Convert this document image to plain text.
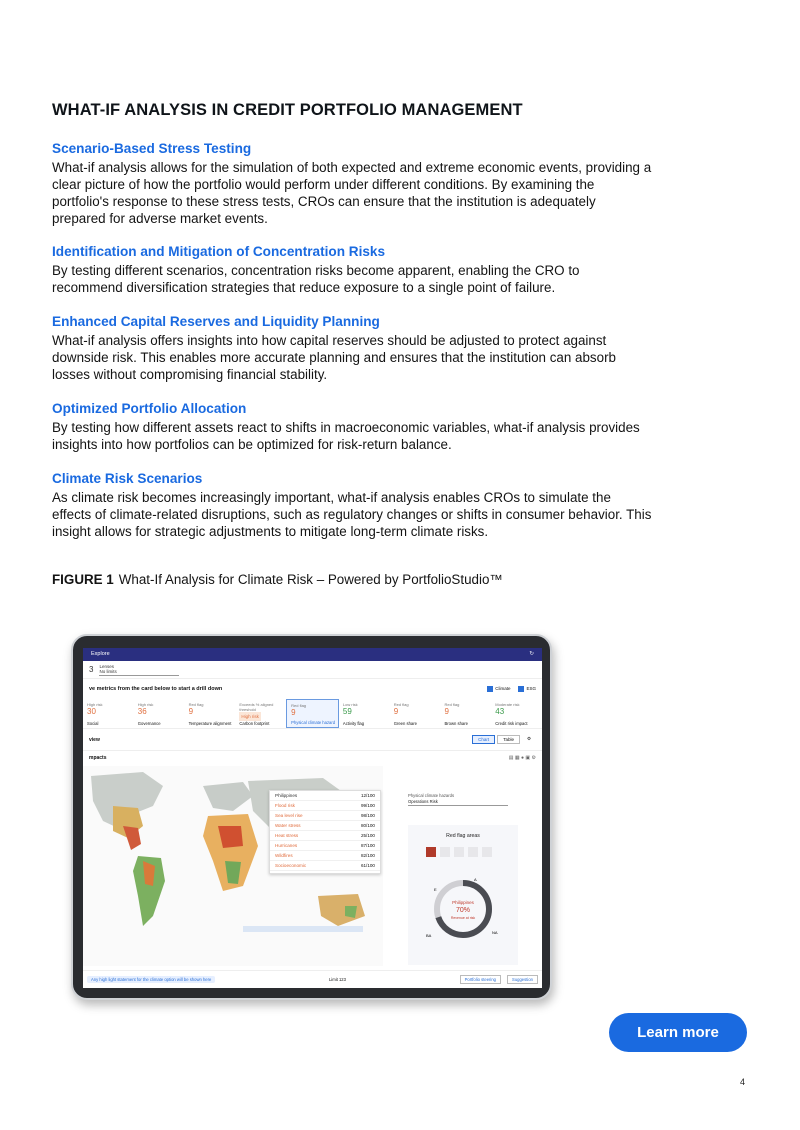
WHAT-IF ANALYSIS IN CREDIT PORTFOLIO MANAGEMENT
Scenario-Based Stress Testing

What-if analysis allows for the simulation of both expected and extreme economic events, providing a clear picture of how the portfolio would perform under different conditions. By examining the portfolio's response to these stress tests, CROs can ensure that the institution is adequately prepared for adverse market events.

Identification and Mitigation of Concentration Risks

By testing different scenarios, concentration risks become apparent, enabling the CRO to recommend diversification strategies that reduce exposure to a single point of failure.

Enhanced Capital Reserves and Liquidity Planning

What-if analysis offers insights into how capital reserves should be adjusted to protect against downside risk. This enables more accurate planning and ensures that the institution can absorb losses without compromising financial stability.

Optimized Portfolio Allocation

By testing how different assets react to shifts in macroeconomic variables, what-if analysis provides insights into how portfolios can be optimized for risk-return balance.

Climate Risk Scenarios

As climate risk becomes increasingly important, what-if analysis enables CROs to simulate the effects of climate-related disruptions, such as regulatory changes or shifts in consumer behavior. This insight allows for strategic adjustments to mitigate long-term climate risks.

FIGURE 1 What-If Analysis for Climate Risk – Powered by PortfolioStudio™
Explore	↻
3 Lenses
No limits
ve metrics from the card below to start a drill down	Climate	ESG
High risk
30
Social
High risk
36
Governance
Red flag
9
Temperature alignment
Exceeds % aligned threshold
High risk
Carbon footprint
Red flag
9
Physical climate hazard
Low risk
59
Activity flag
Red flag
9
Green share
Red flag
9
Brown share
Moderate risk
43
Credit risk impact
view	Chart	Table	⚙
mpacts	▤ ▦ ● ▣ ⚙
Philippines	12/100
Flood risk	99/100
Sea level rise	98/100
Water stress	80/100
Heat stress	25/100
Hurricanes	87/100
Wildfires	82/100
Socioeconomic	61/100
Physical climate hazards
Operations Risk
Red flag areas
Philippines
70%
Revenue at risk
A
E
BA
NA
Any high light statement for the climate option will be shown here	Limit 123	Portfolio steering	Suggestion
Learn more
4
